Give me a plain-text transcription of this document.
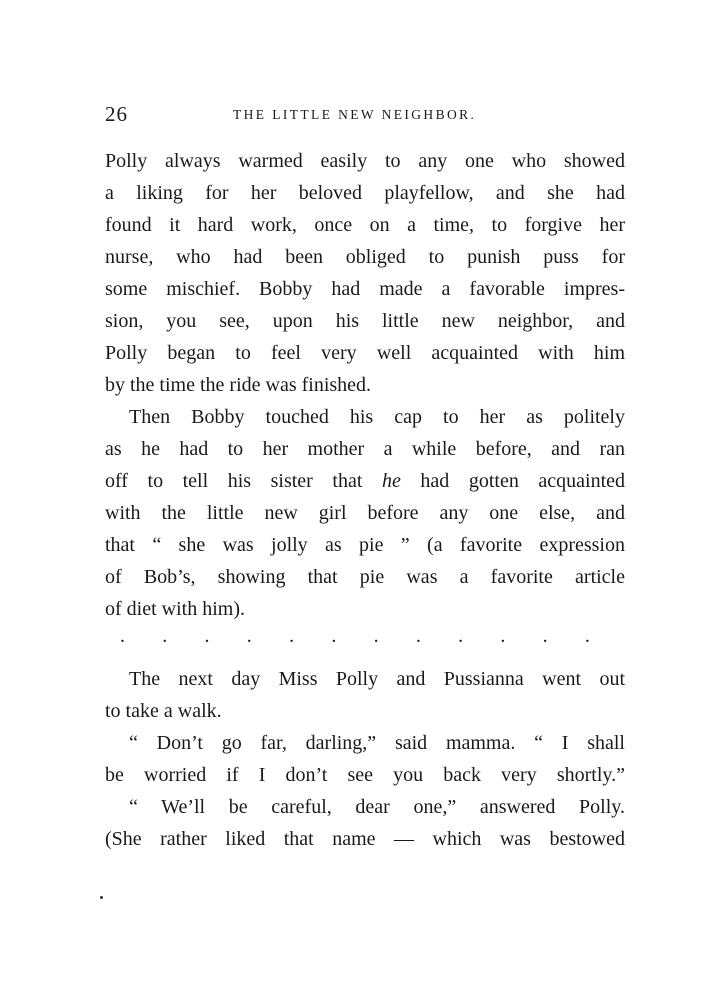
26	THE LITTLE NEW NEIGHBOR.
Polly always warmed easily to any one who showed
a liking for her beloved playfellow, and she had
found it hard work, once on a time, to forgive her
nurse, who had been obliged to punish puss for
some mischief. Bobby had made a favorable impres-
sion, you see, upon his little new neighbor, and
Polly began to feel very well acquainted with him
by the time the ride was finished.
Then Bobby touched his cap to her as politely
as he had to her mother a while before, and ran
off to tell his sister that he had gotten acquainted
with the little new girl before any one else, and
that “ she was jolly as pie ” (a favorite expression
of Bob’s, showing that pie was a favorite article
of diet with him).
. . . . . . . . . . . .
The next day Miss Polly and Pussianna went out
to take a walk.
“ Don’t go far, darling,” said mamma. “ I shall
be worried if I don’t see you back very shortly.”
“ We’ll be careful, dear one,” answered Polly.
(She rather liked that name — which was bestowed
